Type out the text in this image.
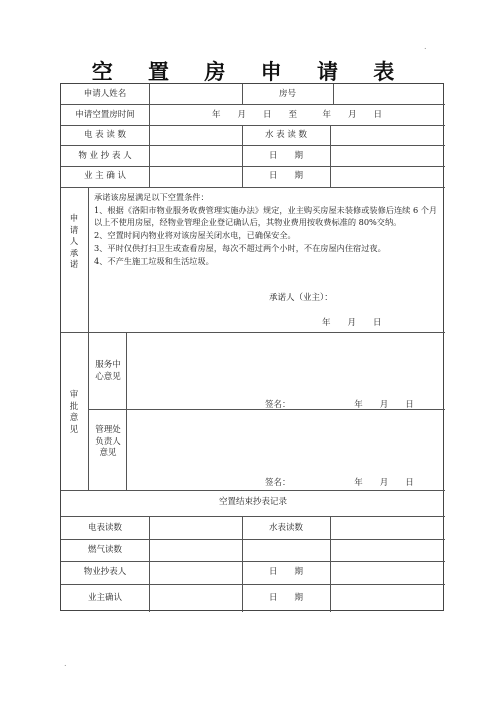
.
.
空 置 房 申 请 表
申请人姓名	房号
申请空置房时间	年　　月　　日　　至　　　年　　月　　日
电 表 读 数	水 表 读 数
物 业 抄 表 人	日　　期
业 主 确 认	日　　期
申请人承诺
承诺该房屋满足以下空置条件：
1、根据《洛阳市物业服务收费管理实施办法》规定，业主购买房屋未装修或装修后连续 6 个月以上不使用房屋，经物业管理企业登记确认后，其物业费用按收费标准的 80%交纳。
2、空置时间内物业将对该房屋关闭水电，已确保安全。
3、平时仅供打扫卫生或查看房屋，每次不超过两个小时，不在房屋内住宿过夜。
4、不产生施工垃圾和生活垃圾。
承诺人（业主）：
年　　月　　日
审批意见
服务中心意见
签名：　　　　　　　　年　　月　　日
管理处负责人意见
签名：　　　　　　　　年　　月　　日
空置结束抄表记录
电表读数	水表读数
燃气读数
物业抄表人	日　　期
业主确认	日　　期
